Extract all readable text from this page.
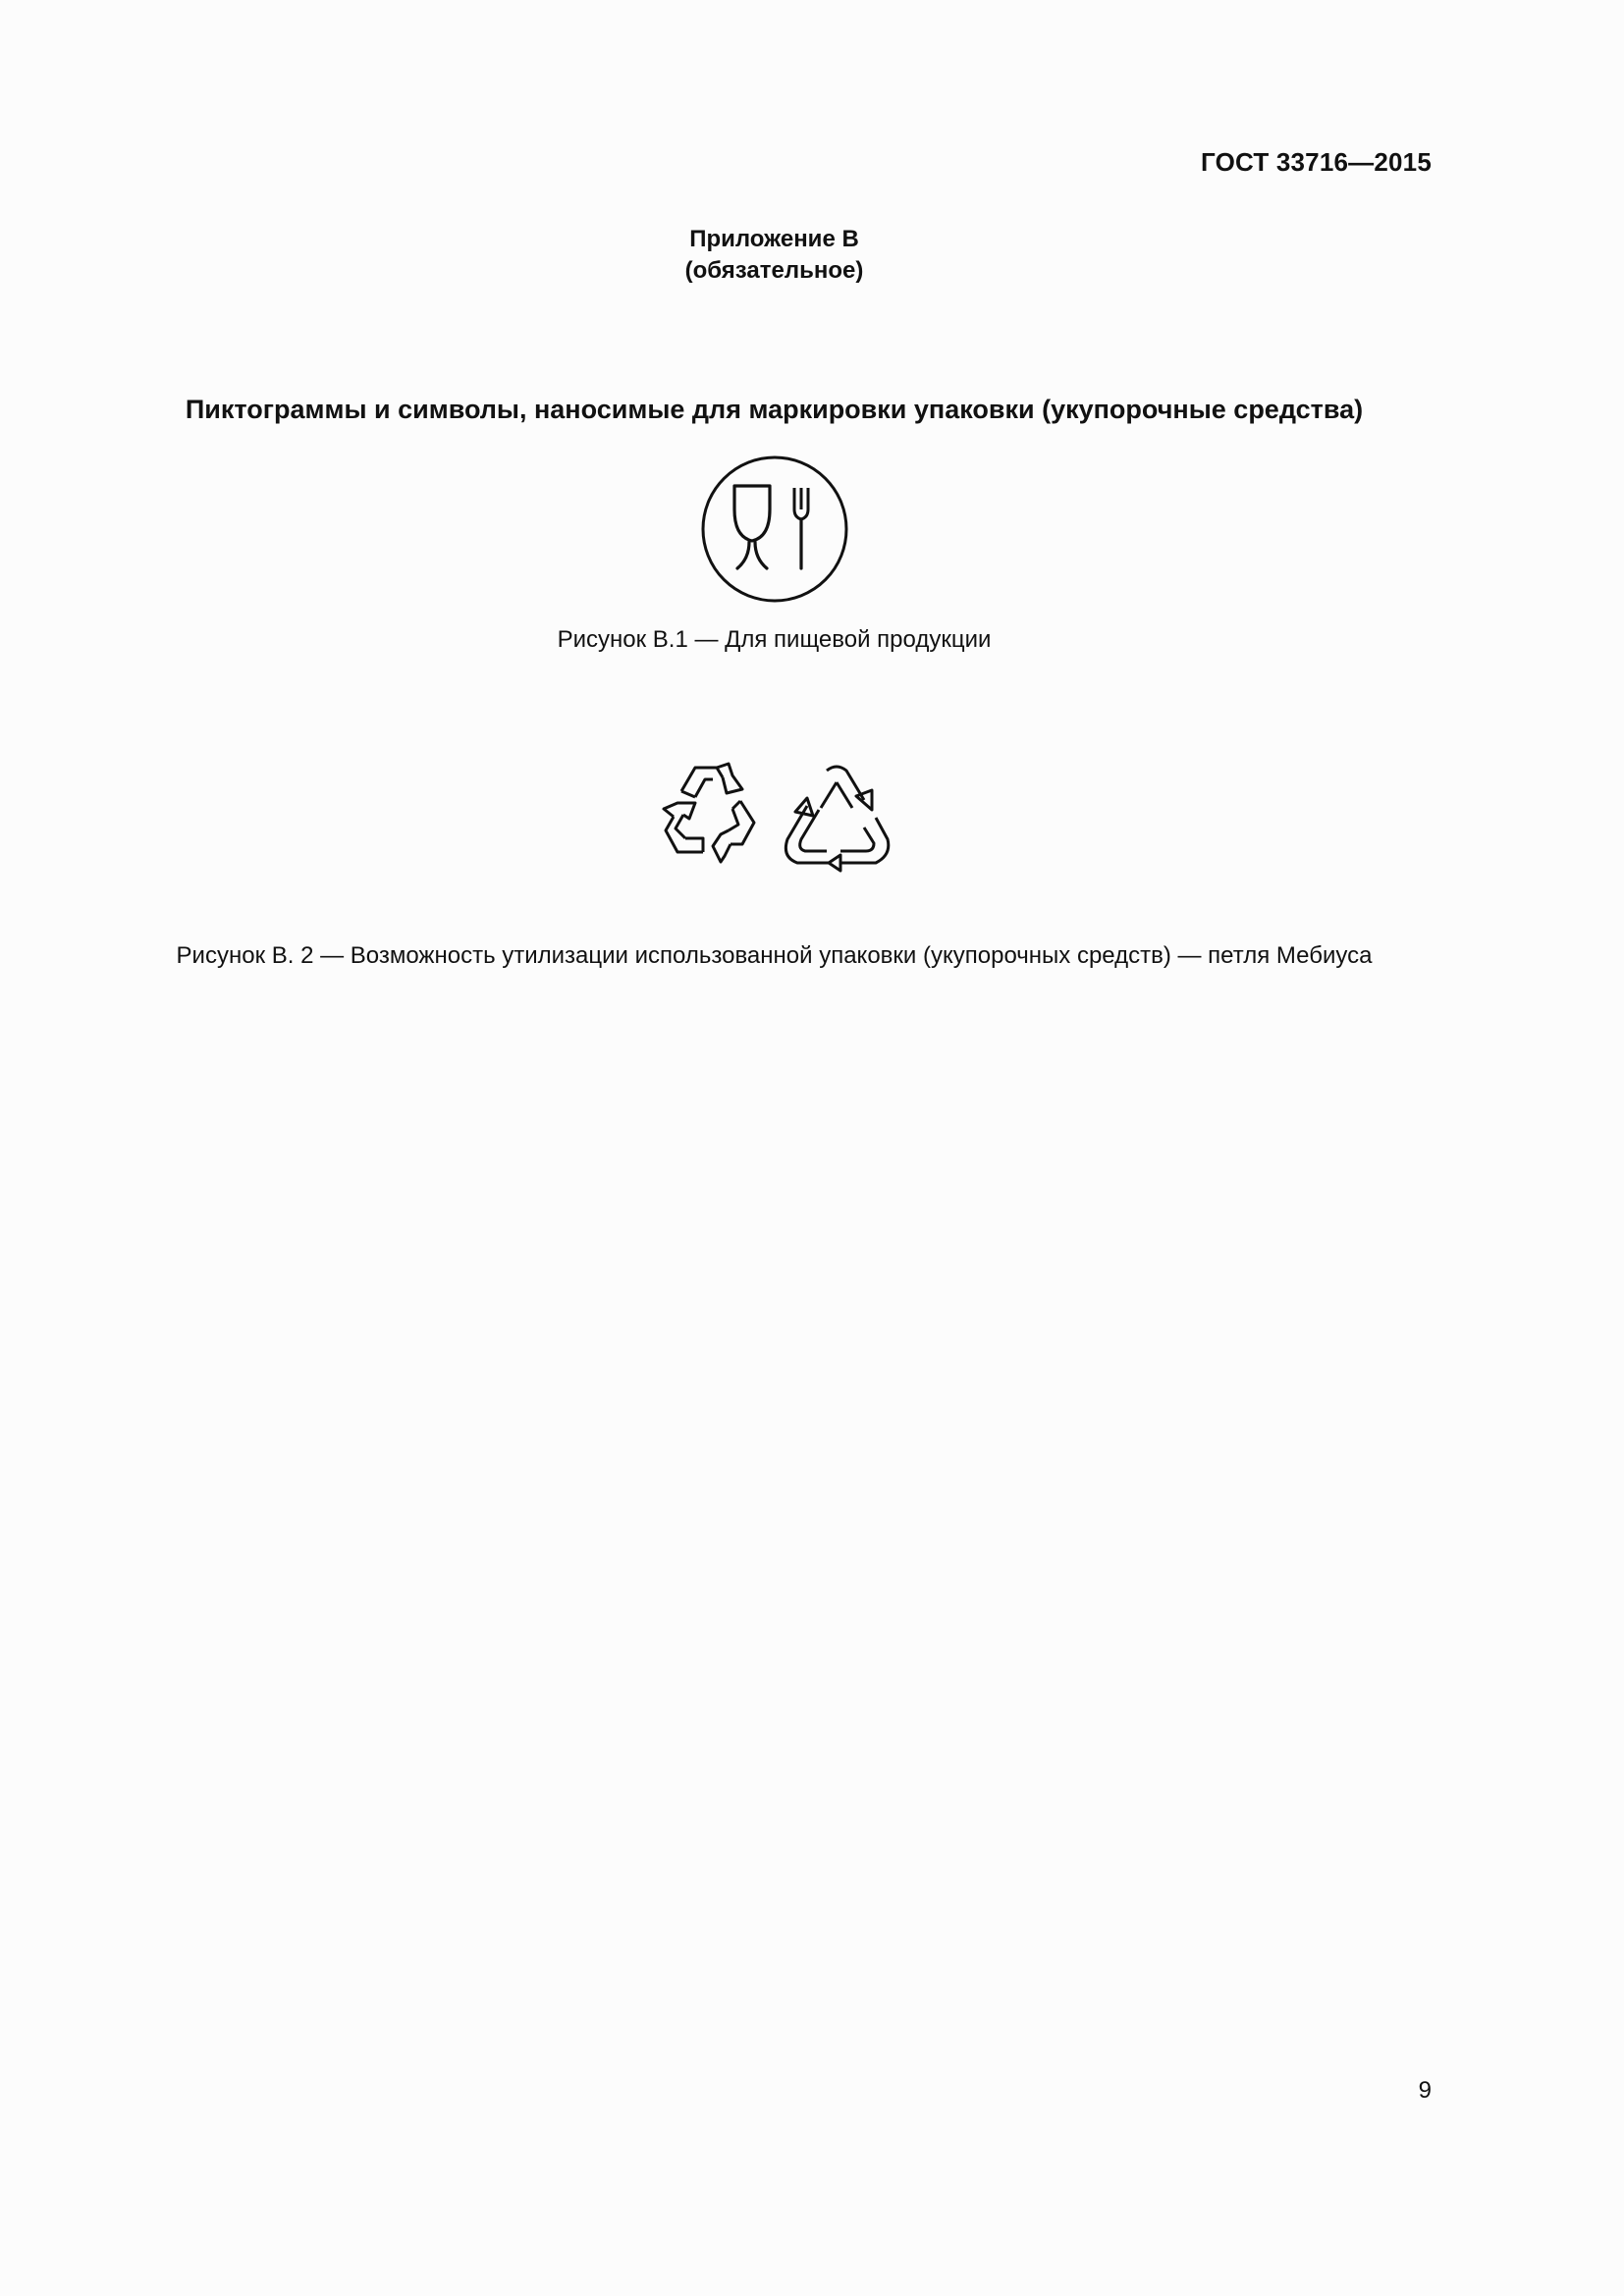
ГОСТ 33716—2015
Приложение В
(обязательное)
Пиктограммы и символы, наносимые для маркировки упаковки (укупорочные средства)
Рисунок В.1 — Для пищевой продукции
Рисунок В. 2 — Возможность утилизации использованной упаковки (укупорочных средств) — петля Мебиуса
9
